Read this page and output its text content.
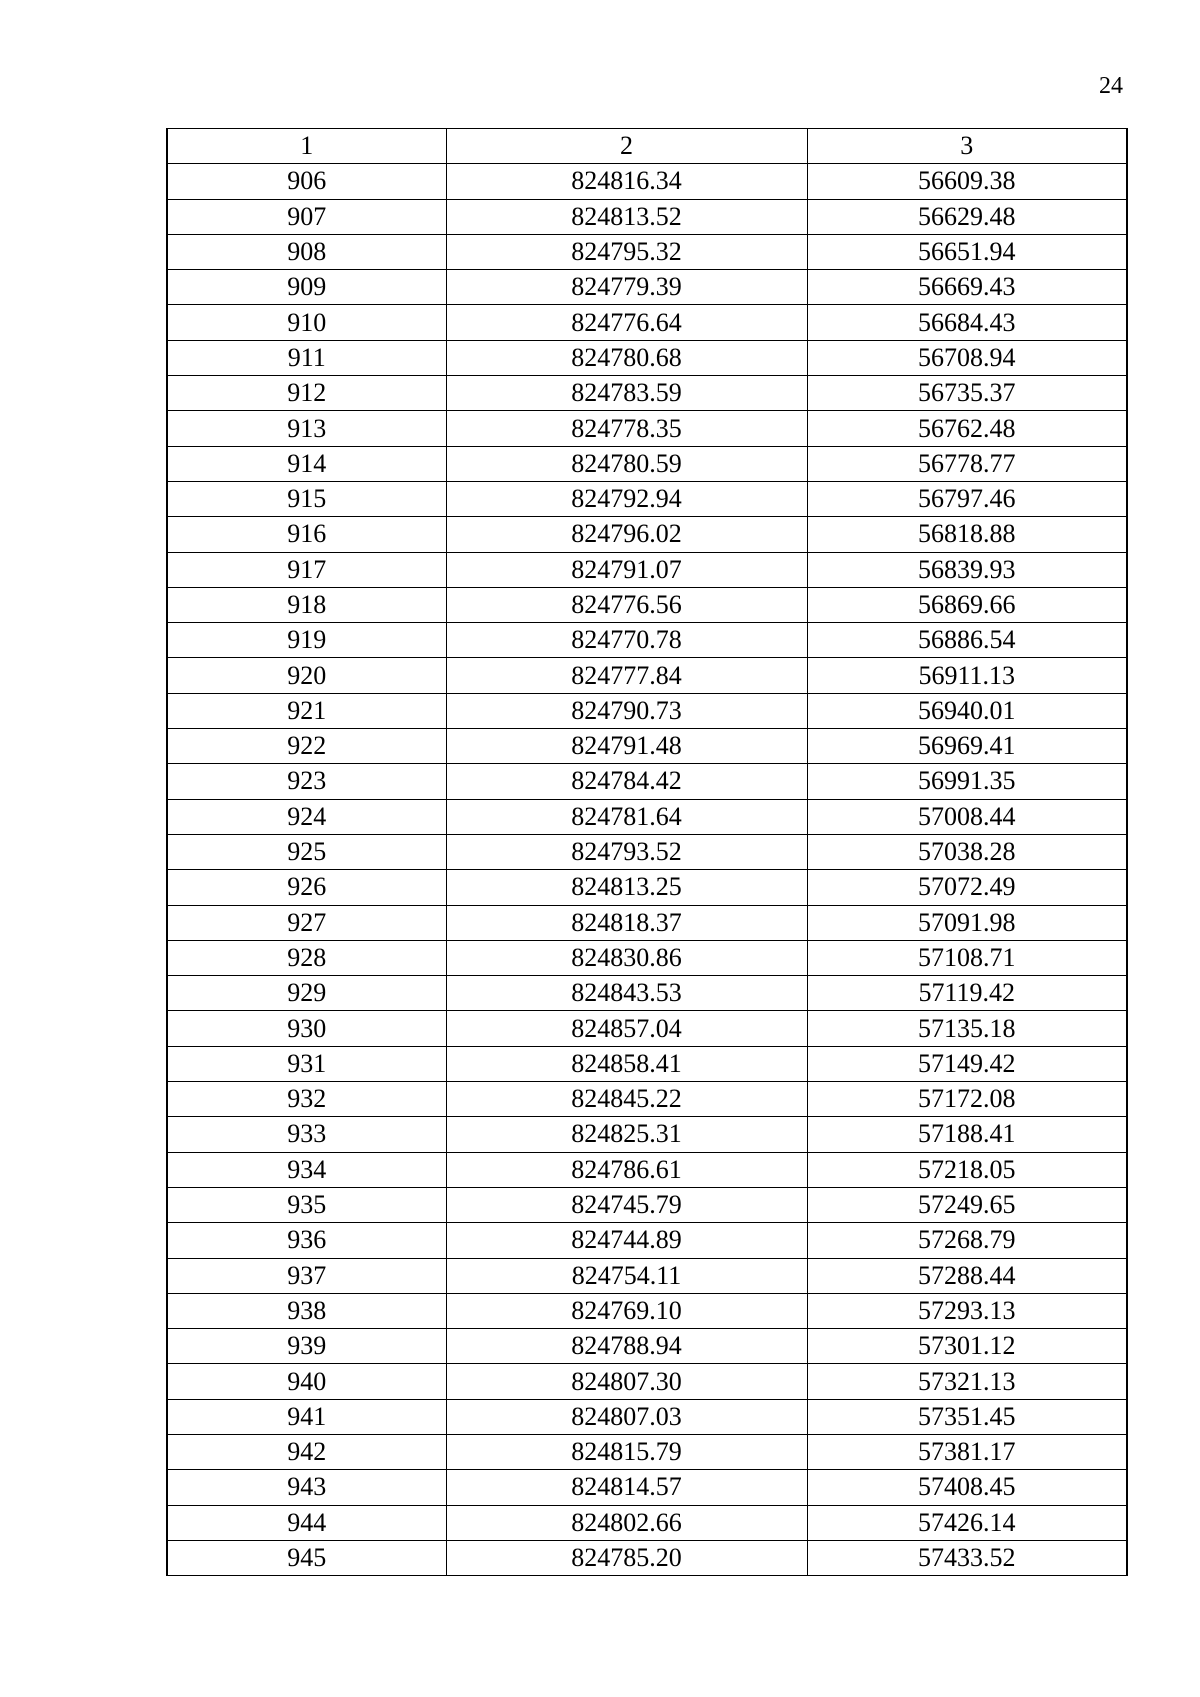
24
1	2	3
906	824816.34	56609.38
907	824813.52	56629.48
908	824795.32	56651.94
909	824779.39	56669.43
910	824776.64	56684.43
911	824780.68	56708.94
912	824783.59	56735.37
913	824778.35	56762.48
914	824780.59	56778.77
915	824792.94	56797.46
916	824796.02	56818.88
917	824791.07	56839.93
918	824776.56	56869.66
919	824770.78	56886.54
920	824777.84	56911.13
921	824790.73	56940.01
922	824791.48	56969.41
923	824784.42	56991.35
924	824781.64	57008.44
925	824793.52	57038.28
926	824813.25	57072.49
927	824818.37	57091.98
928	824830.86	57108.71
929	824843.53	57119.42
930	824857.04	57135.18
931	824858.41	57149.42
932	824845.22	57172.08
933	824825.31	57188.41
934	824786.61	57218.05
935	824745.79	57249.65
936	824744.89	57268.79
937	824754.11	57288.44
938	824769.10	57293.13
939	824788.94	57301.12
940	824807.30	57321.13
941	824807.03	57351.45
942	824815.79	57381.17
943	824814.57	57408.45
944	824802.66	57426.14
945	824785.20	57433.52
